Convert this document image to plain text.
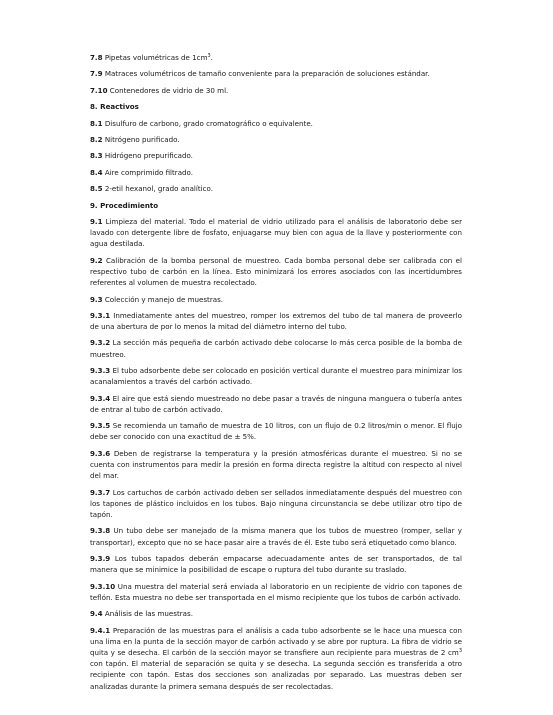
7.8 Pipetas volumétricas de $1cm^3$.
7.9 Matraces volumétricos de tamaño conveniente para la preparación de soluciones estándar.
7.10 Contenedores de vidrio de 30 ml.
8. Reactivos
8.1 Disulfuro de carbono, grado cromatográfico o equivalente.
8.2 Nitrógeno purificado.
8.3 Hidrógeno prepurificado.
8.4 Aire comprimido filtrado.
8.5 2-etil hexanol, grado analítico.
9. Procedimiento
9.1 Limpieza del material. Todo el material de vidrio utilizado para el análisis de laboratorio debe ser lavado con detergente libre de fosfato, enjuagarse muy bien con agua de la llave y posteriormente con agua destilada.
9.2 Calibración de la bomba personal de muestreo. Cada bomba personal debe ser calibrada con el respectivo tubo de carbón en la línea. Esto minimizará los errores asociados con las incertidumbres referentes al volumen de muestra recolectado.
9.3 Colección y manejo de muestras.
9.3.1 Inmediatamente antes del muestreo, romper los extremos del tubo de tal manera de proveerlo de una abertura de por lo menos la mitad del diámetro interno del tubo.
9.3.2 La sección más pequeña de carbón activado debe colocarse lo más cerca posible de la bomba de muestreo.
9.3.3 El tubo adsorbente debe ser colocado en posición vertical durante el muestreo para minimizar los acanalamientos a través del carbón activado.
9.3.4 El aire que está siendo muestreado no debe pasar a través de ninguna manguera o tubería antes de entrar al tubo de carbón activado.
9.3.5 Se recomienda un tamaño de muestra de 10 litros, con un flujo de 0.2 litros/min o menor. El flujo debe ser conocido con una exactitud de ± 5%.
9.3.6 Deben de registrarse la temperatura y la presión atmosféricas durante el muestreo. Si no se cuenta con instrumentos para medir la presión en forma directa registre la altitud con respecto al nivel del mar.
9.3.7 Los cartuchos de carbón activado deben ser sellados inmediatamente después del muestreo con los tapones de plástico incluidos en los tubos. Bajo ninguna circunstancia se debe utilizar otro tipo de tapón.
9.3.8 Un tubo debe ser manejado de la misma manera que los tubos de muestreo (romper, sellar y transportar), excepto que no se hace pasar aire a través de él. Este tubo será etiquetado como blanco.
9.3.9 Los tubos tapados deberán empacarse adecuadamente antes de ser transportados, de tal manera que se minimice la posibilidad de escape o ruptura del tubo durante su traslado.
9.3.10 Una muestra del material será enviada al laboratorio en un recipiente de vidrio con tapones de teflón. Esta muestra no debe ser transportada en el mismo recipiente que los tubos de carbón activado.
9.4 Análisis de las muestras.
9.4.1 Preparación de las muestras para el análisis a cada tubo adsorbente se le hace una muesca con una lima en la punta de la sección mayor de carbón activado y se abre por ruptura. La fibra de vidrio se quita y se desecha. El carbón de la sección mayor se transfiere aun recipiente para muestras de 2 $cm^3$ con tapón. El material de separación se quita y se desecha. La segunda sección es transferida a otro recipiente con tapón. Estas dos secciones son analizadas por separado. Las muestras deben ser analizadas durante la primera semana después de ser recolectadas.
